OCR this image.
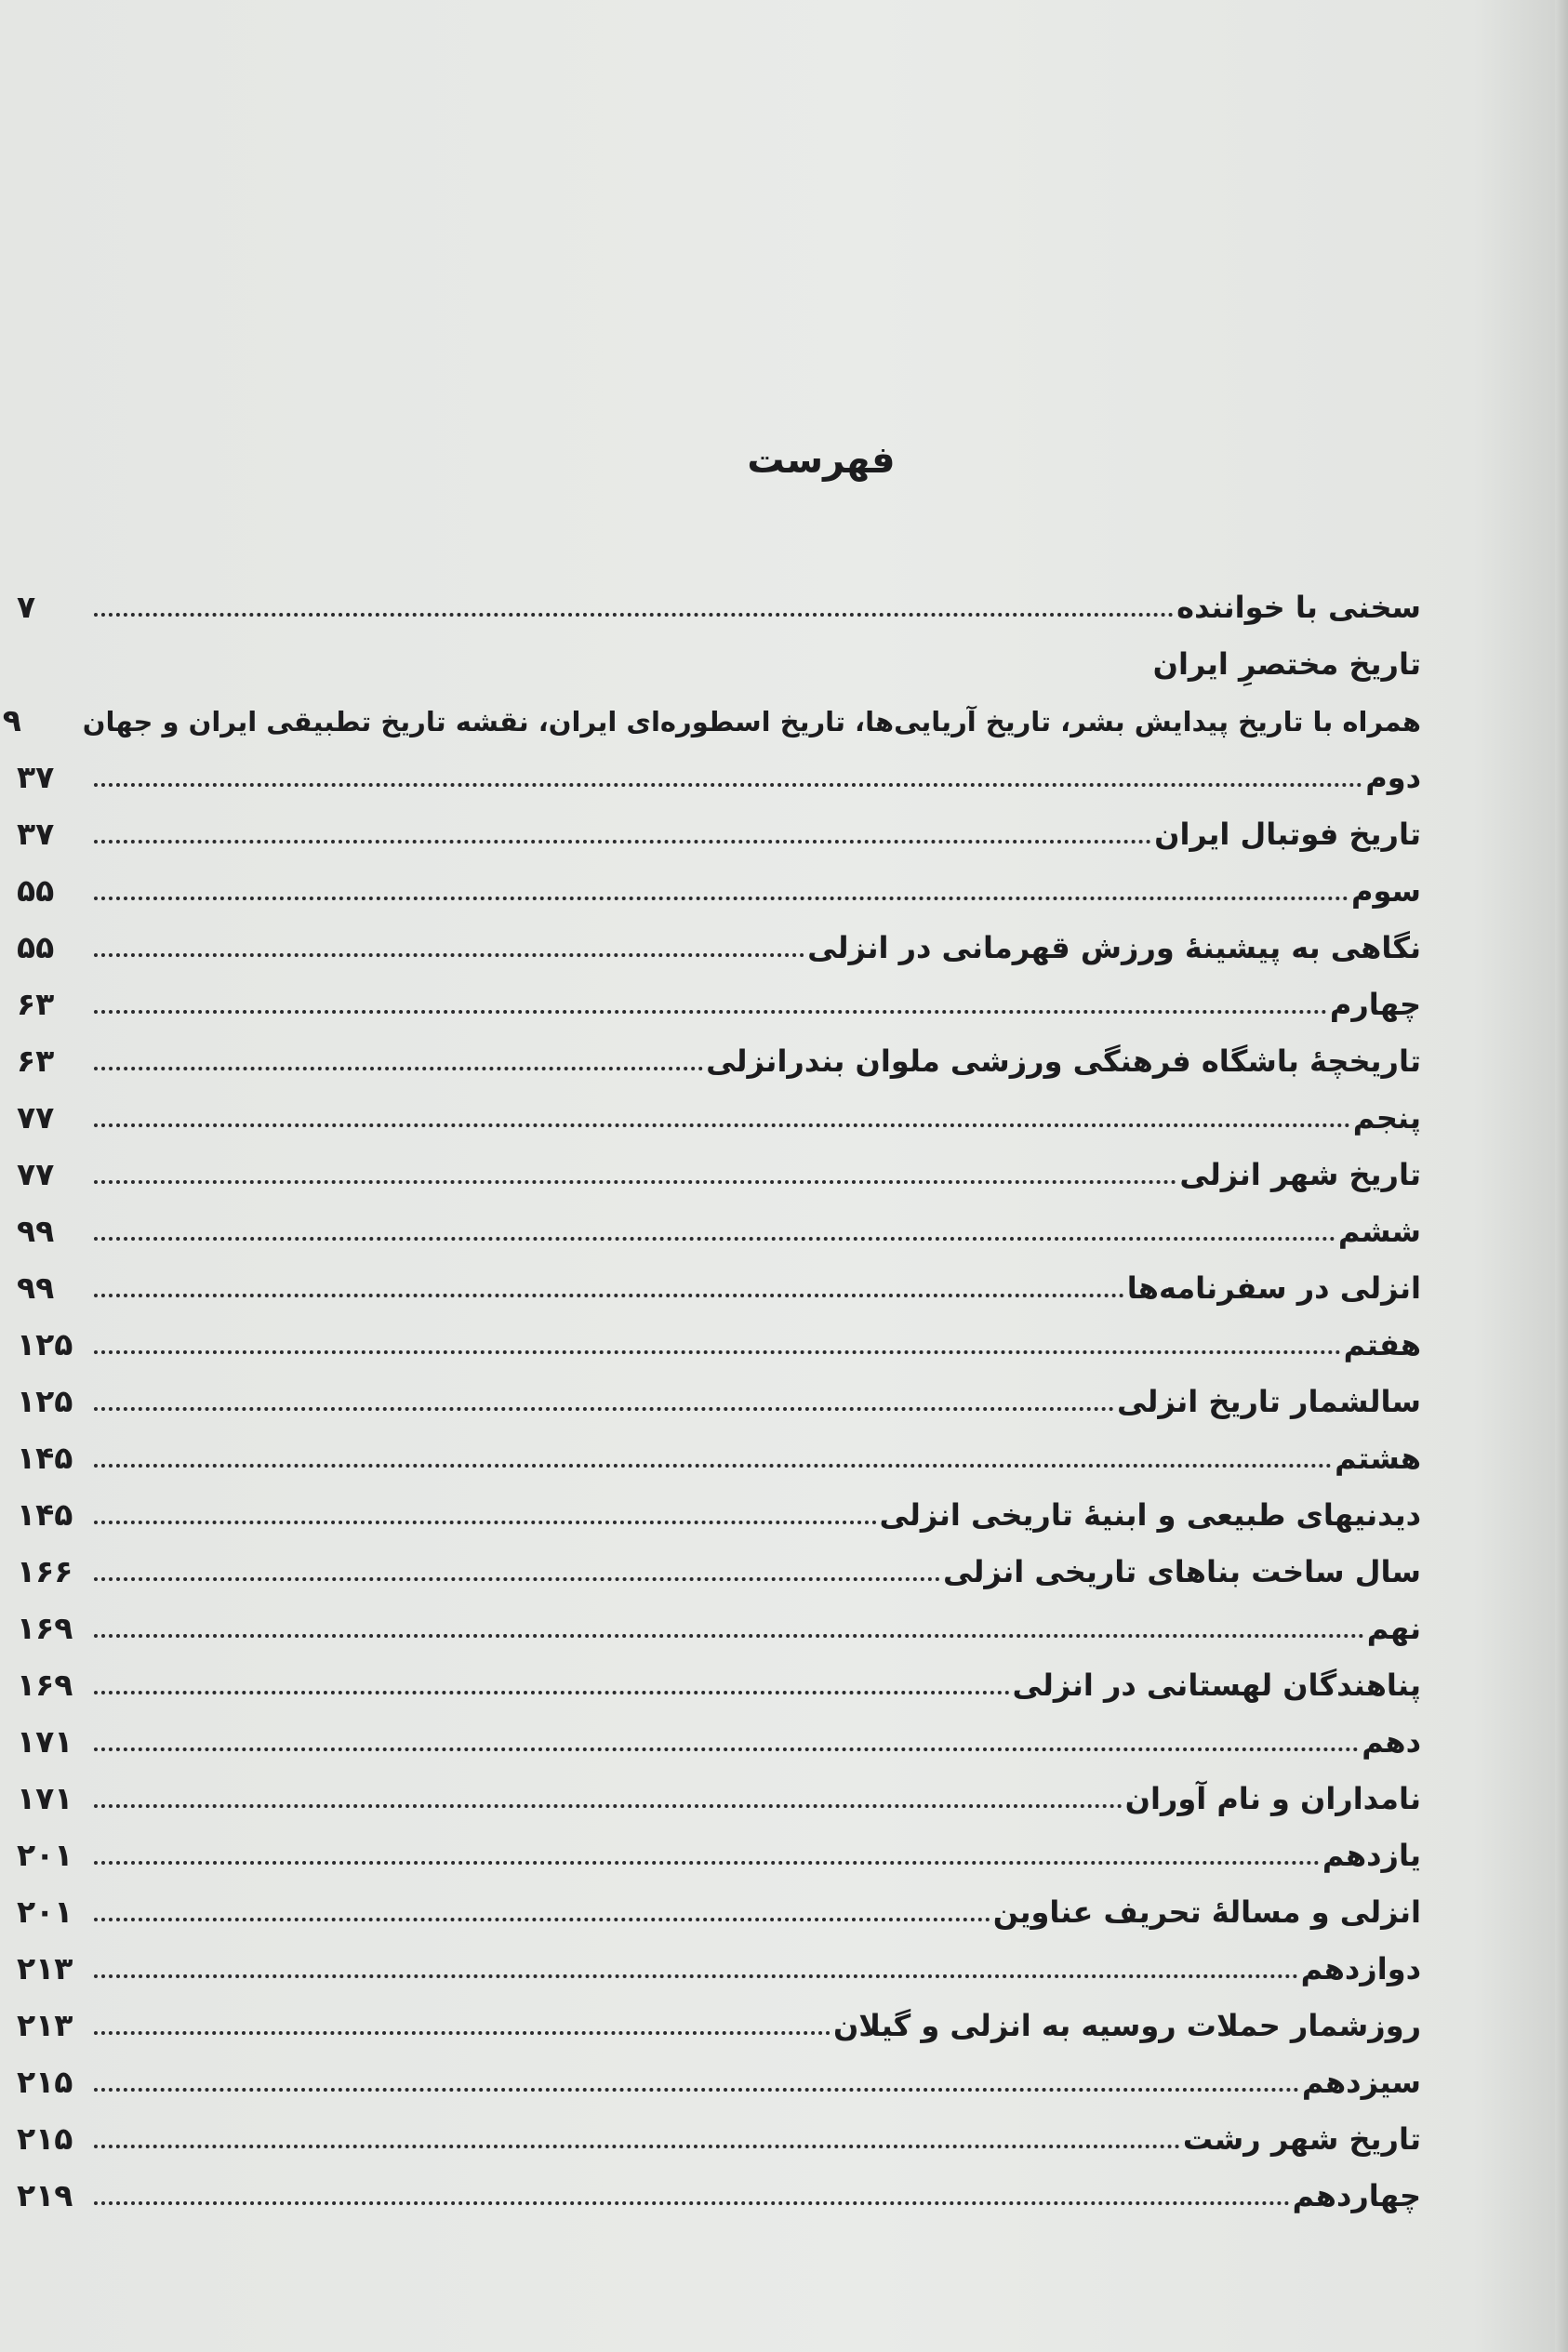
فهرست
سخنی با خواننده
۷
تاریخ مختصرِ ایران
همراه با تاریخ پیدایش بشر، تاریخ آریایی‌ها، تاریخ اسطوره‌ای ایران، نقشه تاریخ تطبیقی ایران و جهان
۹
دوم
۳۷
تاریخ فوتبال ایران
۳۷
سوم
۵۵
نگاهی به پیشینۀ ورزش قهرمانی در انزلی
۵۵
چهارم
۶۳
تاریخچۀ باشگاه فرهنگی ورزشی ملوان بندرانزلی
۶۳
پنجم
۷۷
تاریخ شهر انزلی
۷۷
ششم
۹۹
انزلی در سفرنامه‌ها
۹۹
هفتم
۱۲۵
سالشمار تاریخ انزلی
۱۲۵
هشتم
۱۴۵
دیدنیهای طبیعی و ابنیۀ تاریخی انزلی
۱۴۵
سال ساخت بناهای تاریخی انزلی
۱۶۶
نهم
۱۶۹
پناهندگان لهستانی در انزلی
۱۶۹
دهم
۱۷۱
نامداران و نام آوران
۱۷۱
یازدهم
۲۰۱
انزلی و مسالۀ تحریف عناوین
۲۰۱
دوازدهم
۲۱۳
روزشمار حملات روسیه به انزلی و گیلان
۲۱۳
سیزدهم
۲۱۵
تاریخ شهر رشت
۲۱۵
چهاردهم
۲۱۹
